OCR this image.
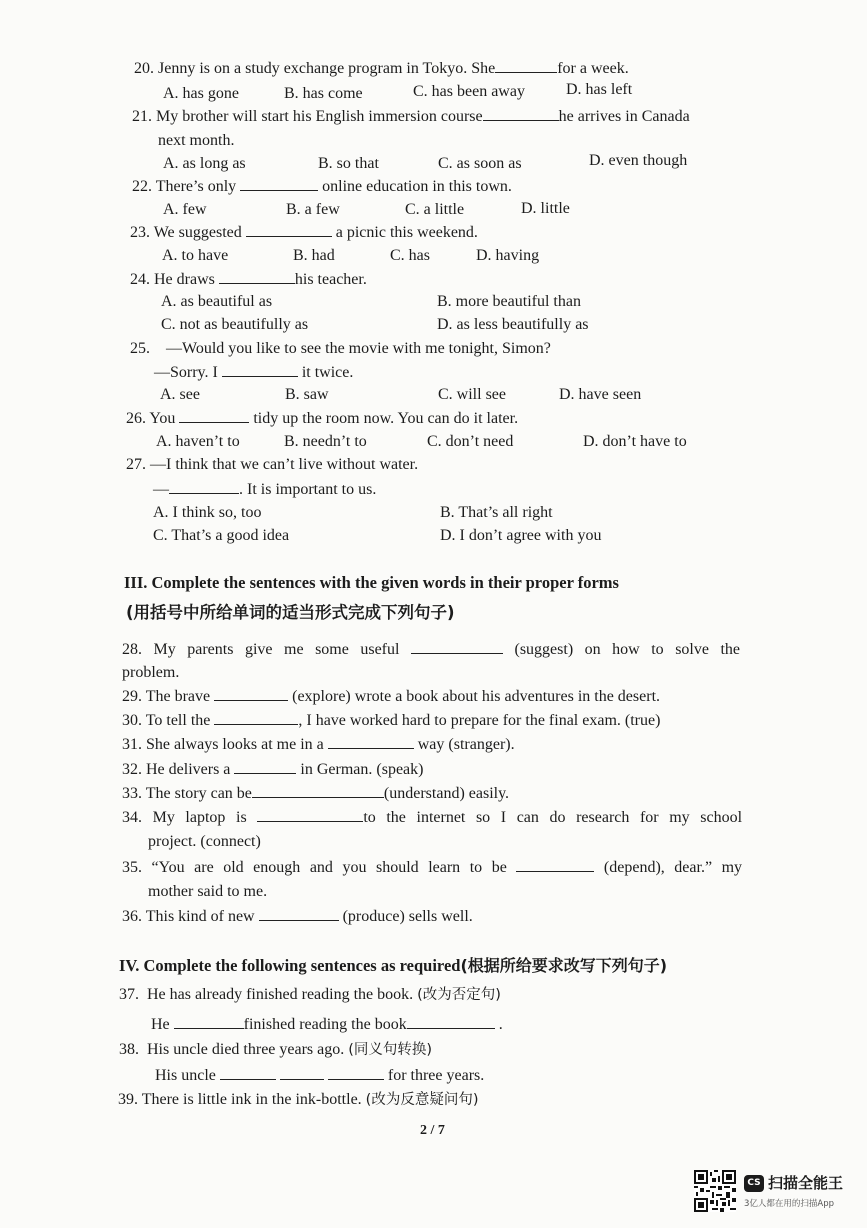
20. Jenny is on a study exchange program in Tokyo. She	for a week.
A. has gone	B. has come	C. has been away	D. has left
21. My brother will start his English immersion course	he arrives in Canada
next month.
A. as long as	B. so that	C. as soon as	D. even though
22. There’s only	online education in this town.
A. few	B. a few	C. a little	D. little
23. We suggested	a picnic this weekend.
A. to have	B. had	C. has	D. having
24. He draws	his teacher.
A. as beautiful as	B. more beautiful than
C. not as beautifully as	D. as less beautifully as
25. —Would you like to see the movie with me tonight, Simon?
—Sorry. I	it twice.
A. see	B. saw	C. will see	D. have seen
26. You	tidy up the room now. You can do it later.
A. haven’t to	B. needn’t to	C. don’t need	D. don’t have to
27. —I think that we can’t live without water.
—	. It is important to us.
A. I think so, too	B. That’s all right
C. That’s a good idea	D. I don’t agree with you
III. Complete the sentences with the given words in their proper forms
(用括号中所给单词的适当形式完成下列句子)
28. My parents give me some useful	(suggest) on how to solve the
problem.
29. The brave	(explore) wrote a book about his adventures in the desert.
30. To tell the	, I have worked hard to prepare for the final exam. (true)
31. She always looks at me in a	way (stranger).
32. He delivers a	in German. (speak)
33. The story can be	(understand) easily.
34. My laptop is	to the internet so I can do research for my school
project. (connect)
35. “You are old enough and you should learn to be	(depend), dear.” my
mother said to me.
36. This kind of new	(produce) sells well.
IV. Complete the following sentences as required(根据所给要求改写下列句子)
37. He has already finished reading the book. (改为否定句)
He	finished reading the book	.
38. His uncle died three years ago. (同义句转换)
His uncle	for three years.
39. There is little ink in the ink-bottle. (改为反意疑问句)
2 / 7
CS 扫描全能王
3亿人都在用的扫描App
